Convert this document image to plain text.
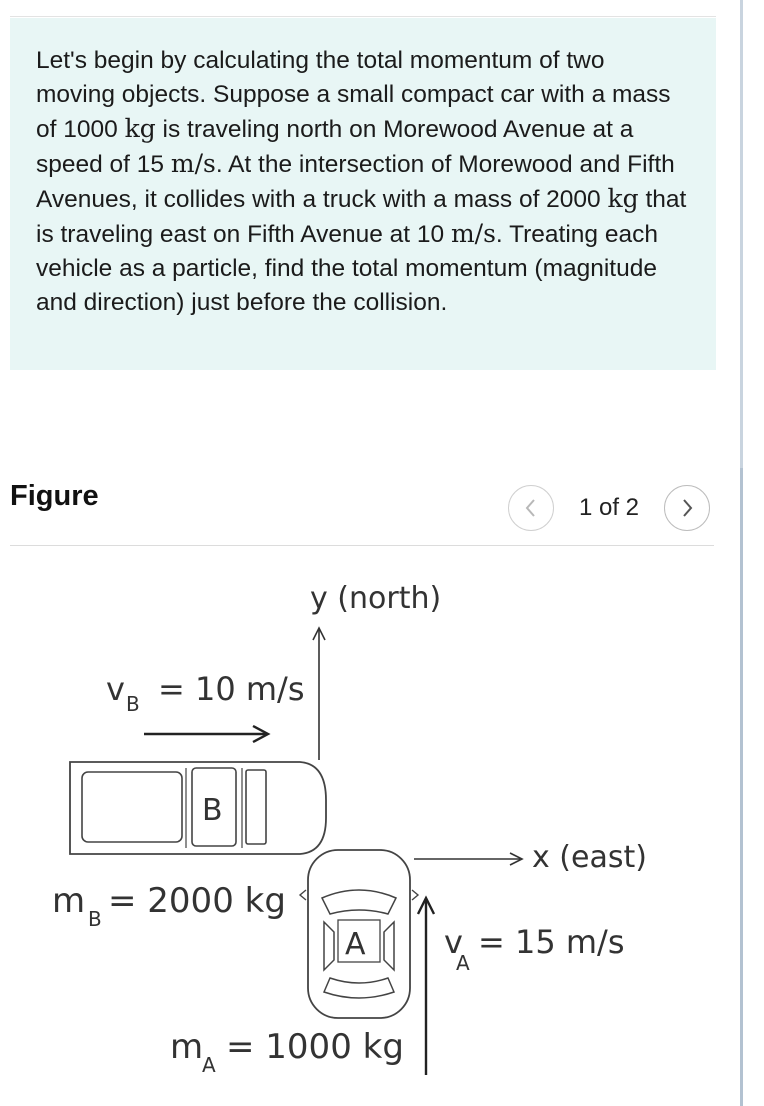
Let's begin by calculating the total momentum of two moving objects. Suppose a small compact car with a mass of 1000 kg is traveling north on Morewood Avenue at a speed of 15 m/s. At the intersection of Morewood and Fifth Avenues, it collides with a truck with a mass of 2000 kg that is traveling east on Fifth Avenue at 10 m/s. Treating each vehicle as a particle, find the total momentum (magnitude and direction) just before the collision.

Figure	1 of 2
y (north)
x (east)
v B = 10 m/s
B
m B = 2000 kg
A v
A
= 15 m/s
m
A = 1000 kg
